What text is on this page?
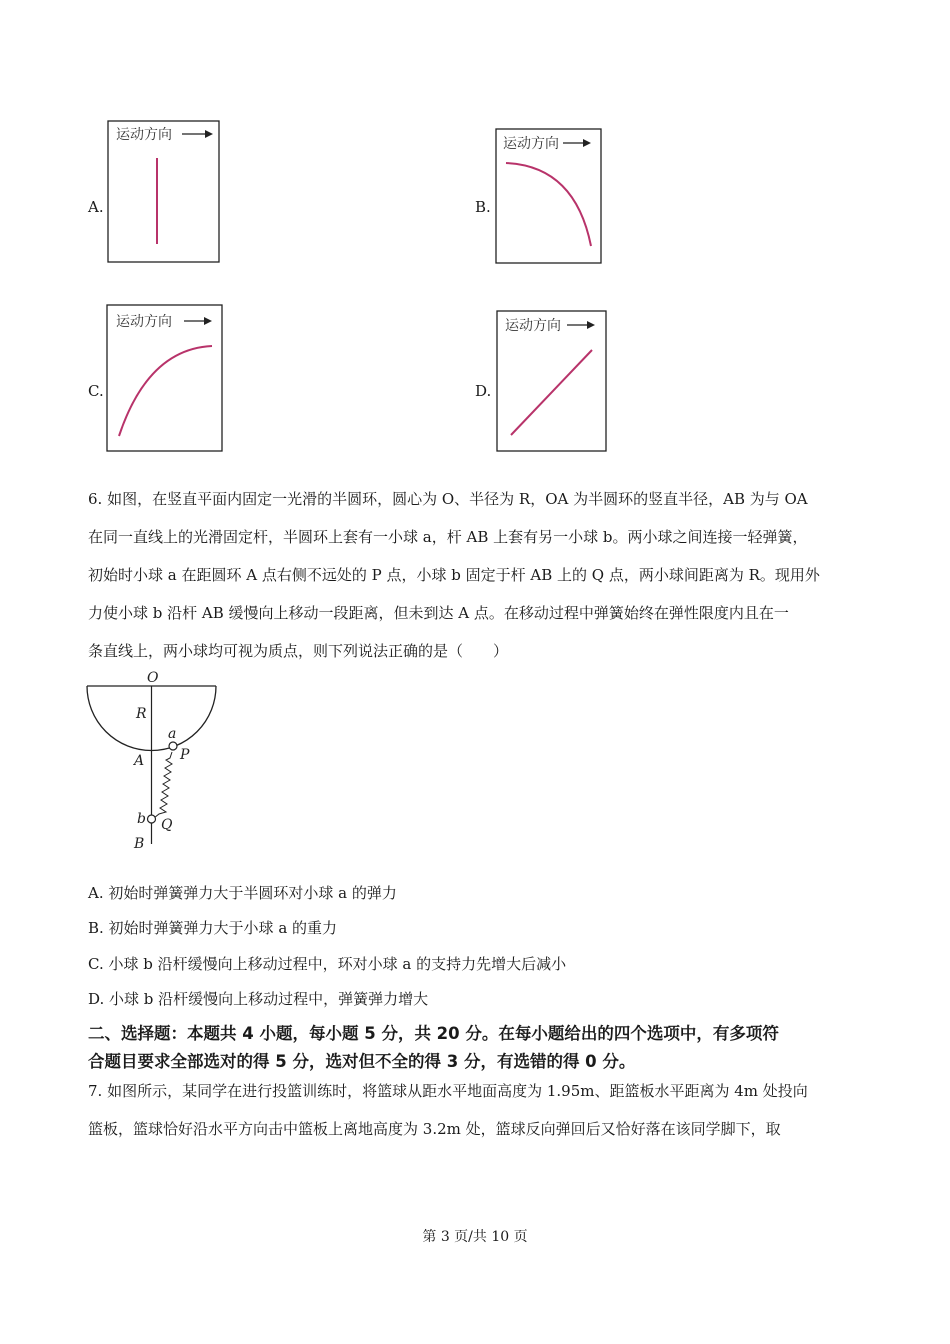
A.	B.
C.	D.
运动方向
运动方向
运动方向	运动方向
6. 如图，在竖直平面内固定一光滑的半圆环，圆心为 O、半径为 R，OA 为半圆环的竖直半径，AB 为与 OA
在同一直线上的光滑固定杆，半圆环上套有一小球 a，杆 AB 上套有另一小球 b。两小球之间连接一轻弹簧，
初始时小球 a 在距圆环 A 点右侧不远处的 P 点，小球 b 固定于杆 AB 上的 Q 点，两小球间距离为 R。现用外
力使小球 b 沿杆 AB 缓慢向上移动一段距离，但未到达 A 点。在移动过程中弹簧始终在弹性限度内且在一
条直线上，两小球均可视为质点，则下列说法正确的是（　　）
O
R
a
P
A
b Q
B
A. 初始时弹簧弹力大于半圆环对小球 a 的弹力
B. 初始时弹簧弹力大于小球 a 的重力
C. 小球 b 沿杆缓慢向上移动过程中，环对小球 a 的支持力先增大后减小
D. 小球 b 沿杆缓慢向上移动过程中，弹簧弹力增大
二、选择题：本题共 4 小题，每小题 5 分，共 20 分。在每小题给出的四个选项中，有多项符
合题目要求全部选对的得 5 分，选对但不全的得 3 分，有选错的得 0 分。
7. 如图所示，某同学在进行投篮训练时，将篮球从距水平地面高度为 1.95m、距篮板水平距离为 4m 处投向
篮板，篮球恰好沿水平方向击中篮板上离地高度为 3.2m 处，篮球反向弹回后又恰好落在该同学脚下，取
第 3 页/共 10 页
